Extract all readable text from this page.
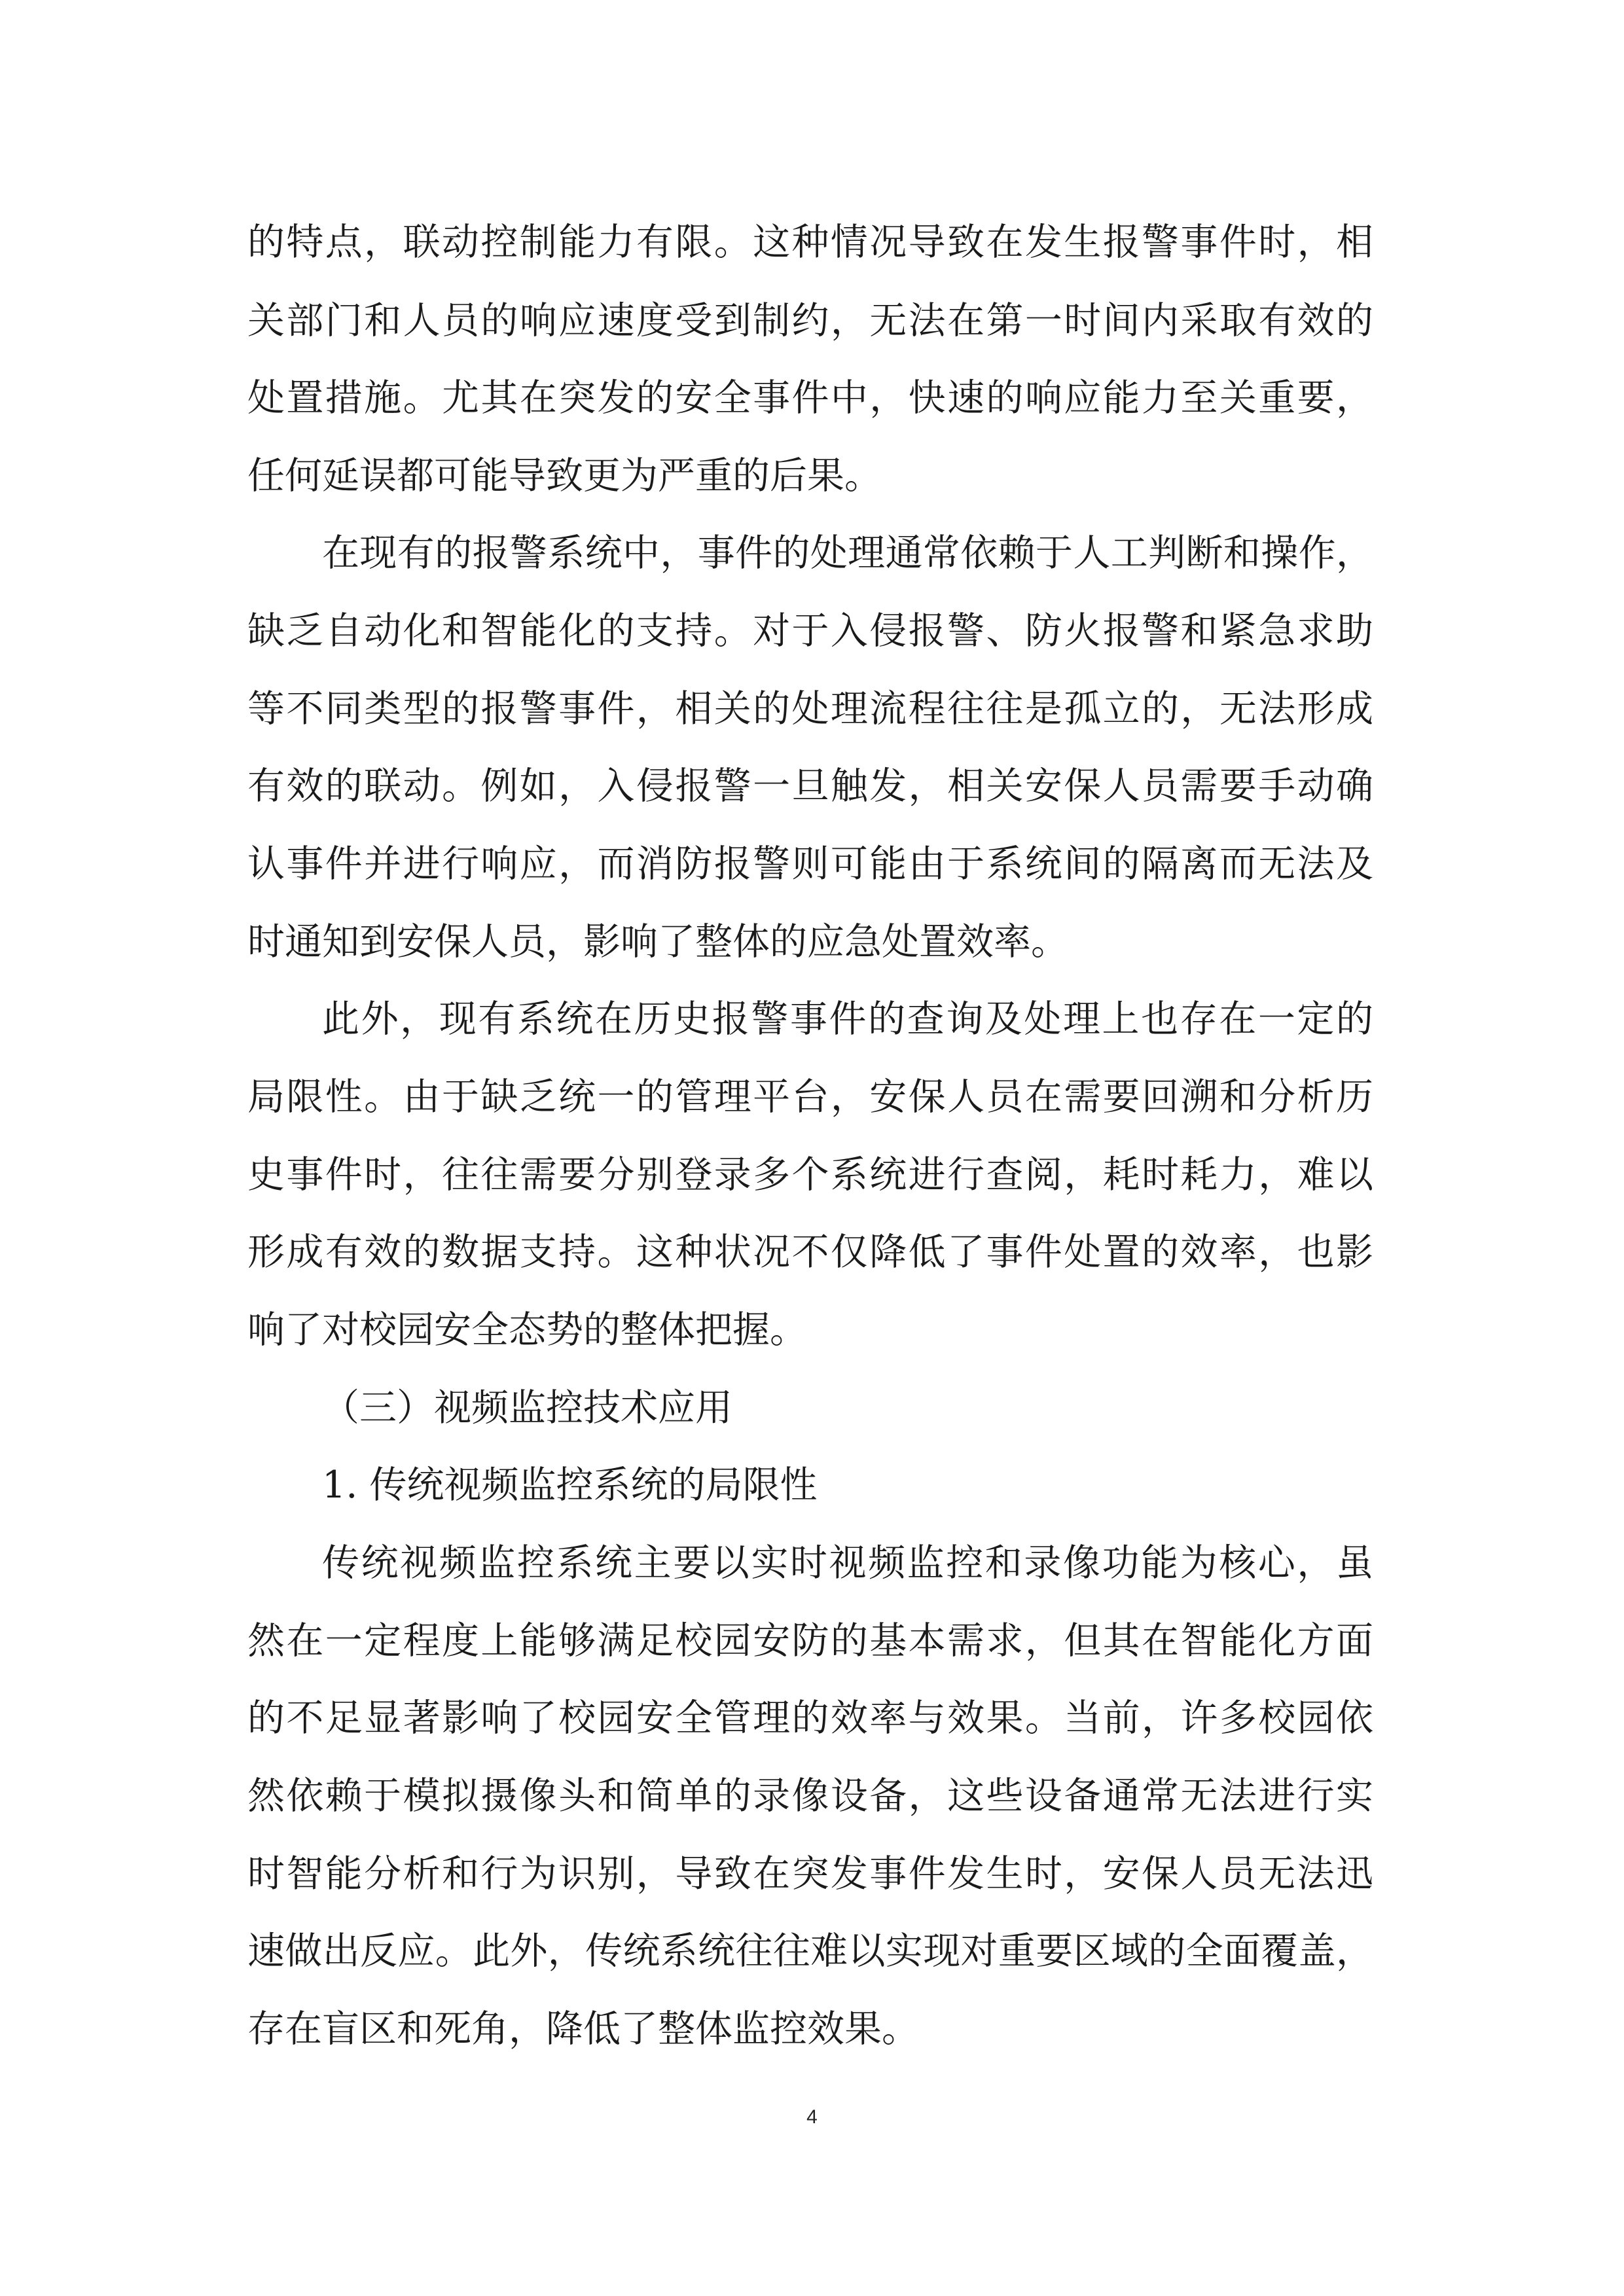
的特点，联动控制能力有限。这种情况导致在发生报警事件时，相
关部门和人员的响应速度受到制约，无法在第一时间内采取有效的
处置措施。尤其在突发的安全事件中，快速的响应能力至关重要，
任何延误都可能导致更为严重的后果。
在现有的报警系统中，事件的处理通常依赖于人工判断和操作，
缺乏自动化和智能化的支持。对于入侵报警、防火报警和紧急求助
等不同类型的报警事件，相关的处理流程往往是孤立的，无法形成
有效的联动。例如，入侵报警一旦触发，相关安保人员需要手动确
认事件并进行响应，而消防报警则可能由于系统间的隔离而无法及
时通知到安保人员，影响了整体的应急处置效率。
此外，现有系统在历史报警事件的查询及处理上也存在一定的
局限性。由于缺乏统一的管理平台，安保人员在需要回溯和分析历
史事件时，往往需要分别登录多个系统进行查阅，耗时耗力，难以
形成有效的数据支持。这种状况不仅降低了事件处置的效率，也影
响了对校园安全态势的整体把握。
（三）视频监控技术应用
1. 传统视频监控系统的局限性
传统视频监控系统主要以实时视频监控和录像功能为核心，虽
然在一定程度上能够满足校园安防的基本需求，但其在智能化方面
的不足显著影响了校园安全管理的效率与效果。当前，许多校园依
然依赖于模拟摄像头和简单的录像设备，这些设备通常无法进行实
时智能分析和行为识别，导致在突发事件发生时，安保人员无法迅
速做出反应。此外，传统系统往往难以实现对重要区域的全面覆盖，
存在盲区和死角，降低了整体监控效果。
4
